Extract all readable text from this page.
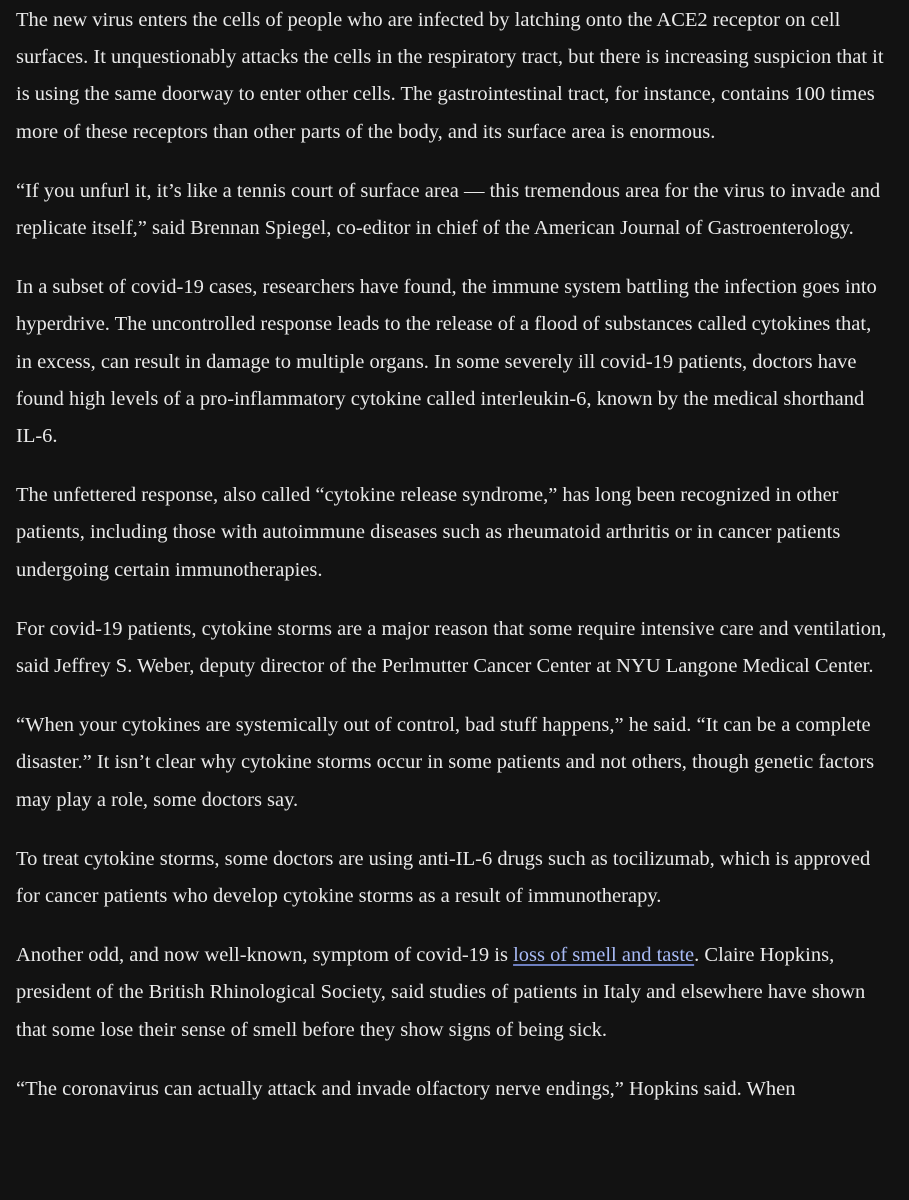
The new virus enters the cells of people who are infected by latching onto the ACE2 receptor on cell surfaces. It unquestionably attacks the cells in the respiratory tract, but there is increasing suspicion that it is using the same doorway to enter other cells. The gastrointestinal tract, for instance, contains 100 times more of these receptors than other parts of the body, and its surface area is enormous.

“If you unfurl it, it’s like a tennis court of surface area — this tremendous area for the virus to invade and replicate itself,” said Brennan Spiegel, co-editor in chief of the American Journal of Gastroenterology.

In a subset of covid-19 cases, researchers have found, the immune system battling the infection goes into hyperdrive. The uncontrolled response leads to the release of a flood of substances called cytokines that, in excess, can result in damage to multiple organs. In some severely ill covid-19 patients, doctors have found high levels of a pro-inflammatory cytokine called interleukin-6, known by the medical shorthand IL-6.

The unfettered response, also called “cytokine release syndrome,” has long been recognized in other patients, including those with autoimmune diseases such as rheumatoid arthritis or in cancer patients undergoing certain immunotherapies.

For covid-19 patients, cytokine storms are a major reason that some require intensive care and ventilation, said Jeffrey S. Weber, deputy director of the Perlmutter Cancer Center at NYU Langone Medical Center.

“When your cytokines are systemically out of control, bad stuff happens,” he said. “It can be a complete disaster.” It isn’t clear why cytokine storms occur in some patients and not others, though genetic factors may play a role, some doctors say.

To treat cytokine storms, some doctors are using anti-IL-6 drugs such as tocilizumab, which is approved for cancer patients who develop cytokine storms as a result of immunotherapy.

Another odd, and now well-known, symptom of covid-19 is loss of smell and taste. Claire Hopkins, president of the British Rhinological Society, said studies of patients in Italy and elsewhere have shown that some lose their sense of smell before they show signs of being sick.

“The coronavirus can actually attack and invade olfactory nerve endings,” Hopkins said. When
